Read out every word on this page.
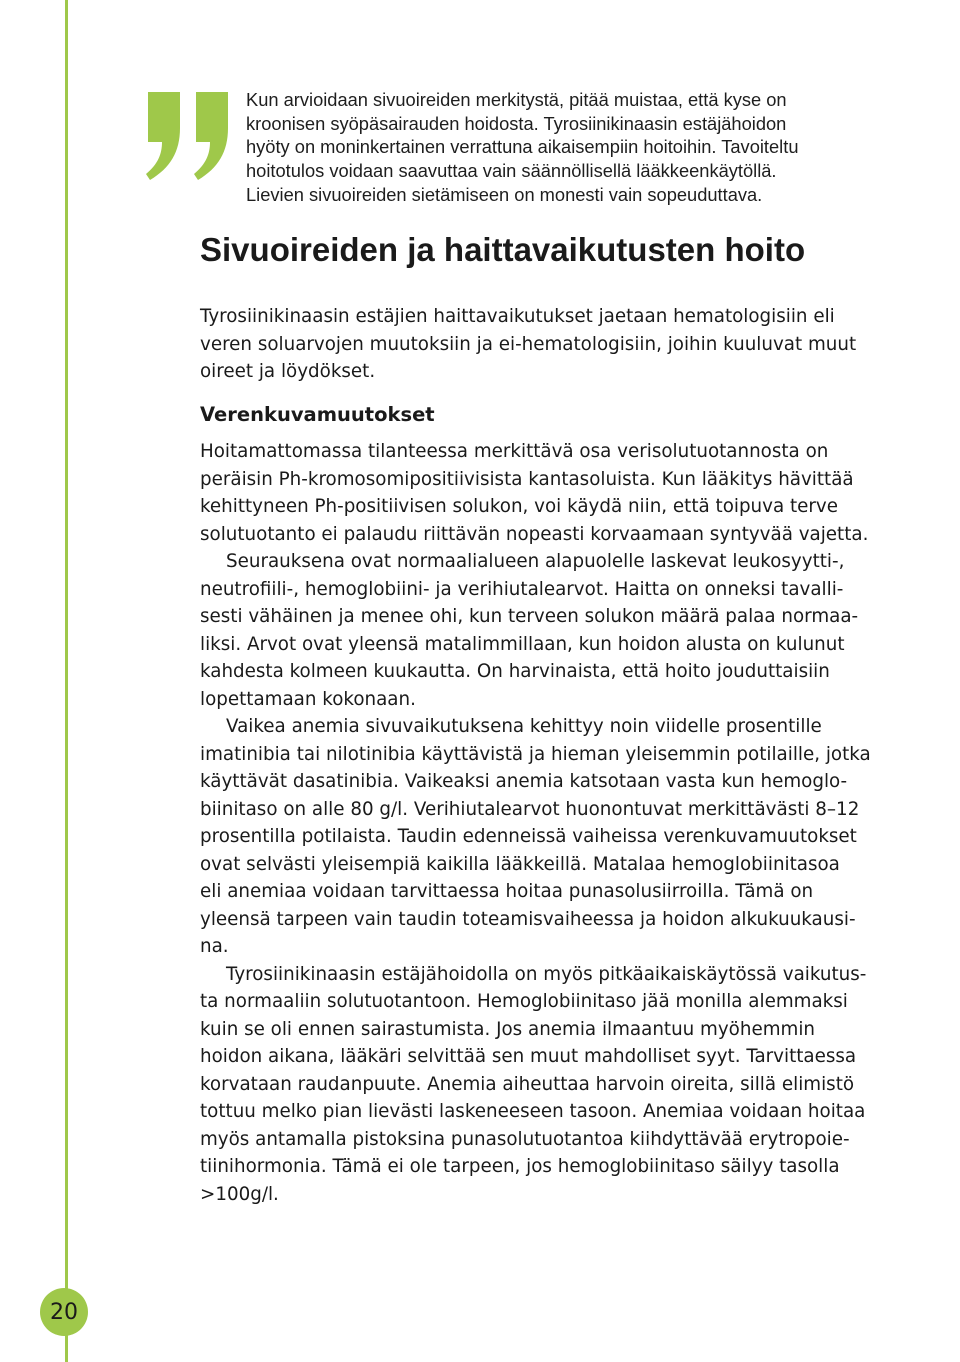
Kun arvioidaan sivuoireiden merkitystä, pitää muistaa, että kyse on
kroonisen syöpäsairauden hoidosta. Tyrosiinikinaasin estäjähoidon
hyöty on moninkertainen verrattuna aikaisempiin hoitoihin. Tavoiteltu
hoitotulos voidaan saavuttaa vain säännöllisellä lääkkeenkäytöllä.
Lievien sivuoireiden sietämiseen on monesti vain sopeuduttava.
Sivuoireiden ja haittavaikutusten hoito
Tyrosiinikinaasin estäjien haittavaikutukset jaetaan hematologisiin eli
veren soluarvojen muutoksiin ja ei-hematologisiin, joihin kuuluvat muut
oireet ja löydökset.
Verenkuvamuutokset

Hoitamattomassa tilanteessa merkittävä osa verisolutuotannosta on
peräisin Ph-kromosomipositiivisista kantasoluista. Kun lääkitys hävittää
kehittyneen Ph-positiivisen solukon, voi käydä niin, että toipuva terve
solutuotanto ei palaudu riittävän nopeasti korvaamaan syntyvää vajetta.

Seurauksena ovat normaalialueen alapuolelle laskevat leukosyytti-,
neutrofiili-, hemoglobiini- ja verihiutalearvot. Haitta on onneksi tavalli-
sesti vähäinen ja menee ohi, kun terveen solukon määrä palaa normaa-
liksi. Arvot ovat yleensä matalimmillaan, kun hoidon alusta on kulunut
kahdesta kolmeen kuukautta. On harvinaista, että hoito jouduttaisiin
lopettamaan kokonaan.

Vaikea anemia sivuvaikutuksena kehittyy noin viidelle prosentille
imatinibia tai nilotinibia käyttävistä ja hieman yleisemmin potilaille, jotka
käyttävät dasatinibia. Vaikeaksi anemia katsotaan vasta kun hemoglo-
biinitaso on alle 80 g/l. Verihiutalearvot huonontuvat merkittävästi 8–12
prosentilla potilaista. Taudin edenneissä vaiheissa verenkuvamuutokset
ovat selvästi yleisempiä kaikilla lääkkeillä. Matalaa hemoglobiinitasoa
eli anemiaa voidaan tarvittaessa hoitaa punasolusiirroilla. Tämä on
yleensä tarpeen vain taudin toteamisvaiheessa ja hoidon alkukuukausi-
na.

Tyrosiinikinaasin estäjähoidolla on myös pitkäaikaiskäytössä vaikutus-
ta normaaliin solutuotantoon. Hemoglobiinitaso jää monilla alemmaksi
kuin se oli ennen sairastumista. Jos anemia ilmaantuu myöhemmin
hoidon aikana, lääkäri selvittää sen muut mahdolliset syyt. Tarvittaessa
korvataan raudanpuute. Anemia aiheuttaa harvoin oireita, sillä elimistö
tottuu melko pian lievästi laskeneeseen tasoon. Anemiaa voidaan hoitaa
myös antamalla pistoksina punasolutuotantoa kiihdyttävää erytropoie-
tiinihormonia. Tämä ei ole tarpeen, jos hemoglobiinitaso säilyy tasolla
>100g/l.

20
